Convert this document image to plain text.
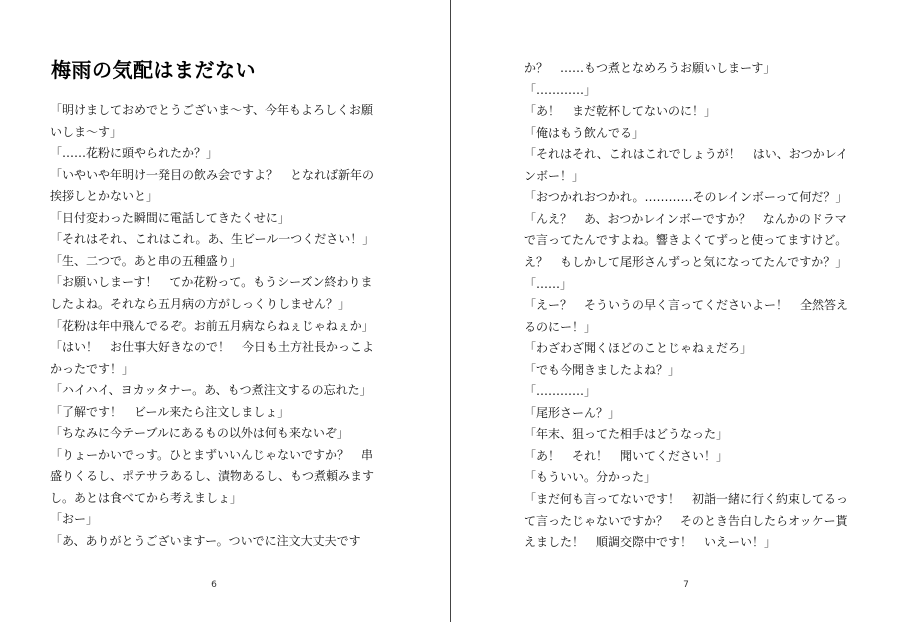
梅雨の気配はまだない
「明けましておめでとうございま〜す、今年もよろしくお願
いしま〜す」
「……花粉に頭やられたか？」
「いやいや年明け一発目の飲み会ですよ？　となれば新年の
挨拶しとかないと」
「日付変わった瞬間に電話してきたくせに」
「それはそれ、これはこれ。あ、生ビール一つください！」
「生、二つで。あと串の五種盛り」
「お願いしまーす！　てか花粉って。もうシーズン終わりま
したよね。それなら五月病の方がしっくりしません？」
「花粉は年中飛んでるぞ。お前五月病ならねぇじゃねぇか」
「はい！　お仕事大好きなので！　今日も土方社長かっこよ
かったです！」
「ハイハイ、ヨカッタナー。あ、もつ煮注文するの忘れた」
「了解です！　ビール来たら注文しましょ」
「ちなみに今テーブルにあるもの以外は何も来ないぞ」
「りょーかいでっす。ひとまずいいんじゃないですか？　串
盛りくるし、ポテサラあるし、漬物あるし、もつ煮頼みます
し。あとは食べてから考えましょ」
「おー」
「あ、ありがとうございますー。ついでに注文大丈夫です
6
か？　……もつ煮となめろうお願いしまーす」
「…………」
「あ！　まだ乾杯してないのに！」
「俺はもう飲んでる」
「それはそれ、これはこれでしょうが！　はい、おつかレイ
ンボー！」
「おつかれおつかれ。…………そのレインボーって何だ？」
「んえ？　あ、おつかレインボーですか？　なんかのドラマ
で言ってたんですよね。響きよくてずっと使ってますけど。
え？　もしかして尾形さんずっと気になってたんですか？」
「……」
「えー？　そういうの早く言ってくださいよー！　全然答え
るのにー！」
「わざわざ聞くほどのことじゃねぇだろ」
「でも今聞きましたよね？」
「…………」
「尾形さーん？」
「年末、狙ってた相手はどうなった」
「あ！　それ！　聞いてください！」
「もういい。分かった」
「まだ何も言ってないです！　初詣一緒に行く約束してるっ
て言ったじゃないですか？　そのとき告白したらオッケー貰
えました！　順調交際中です！　いえーい！」
7
